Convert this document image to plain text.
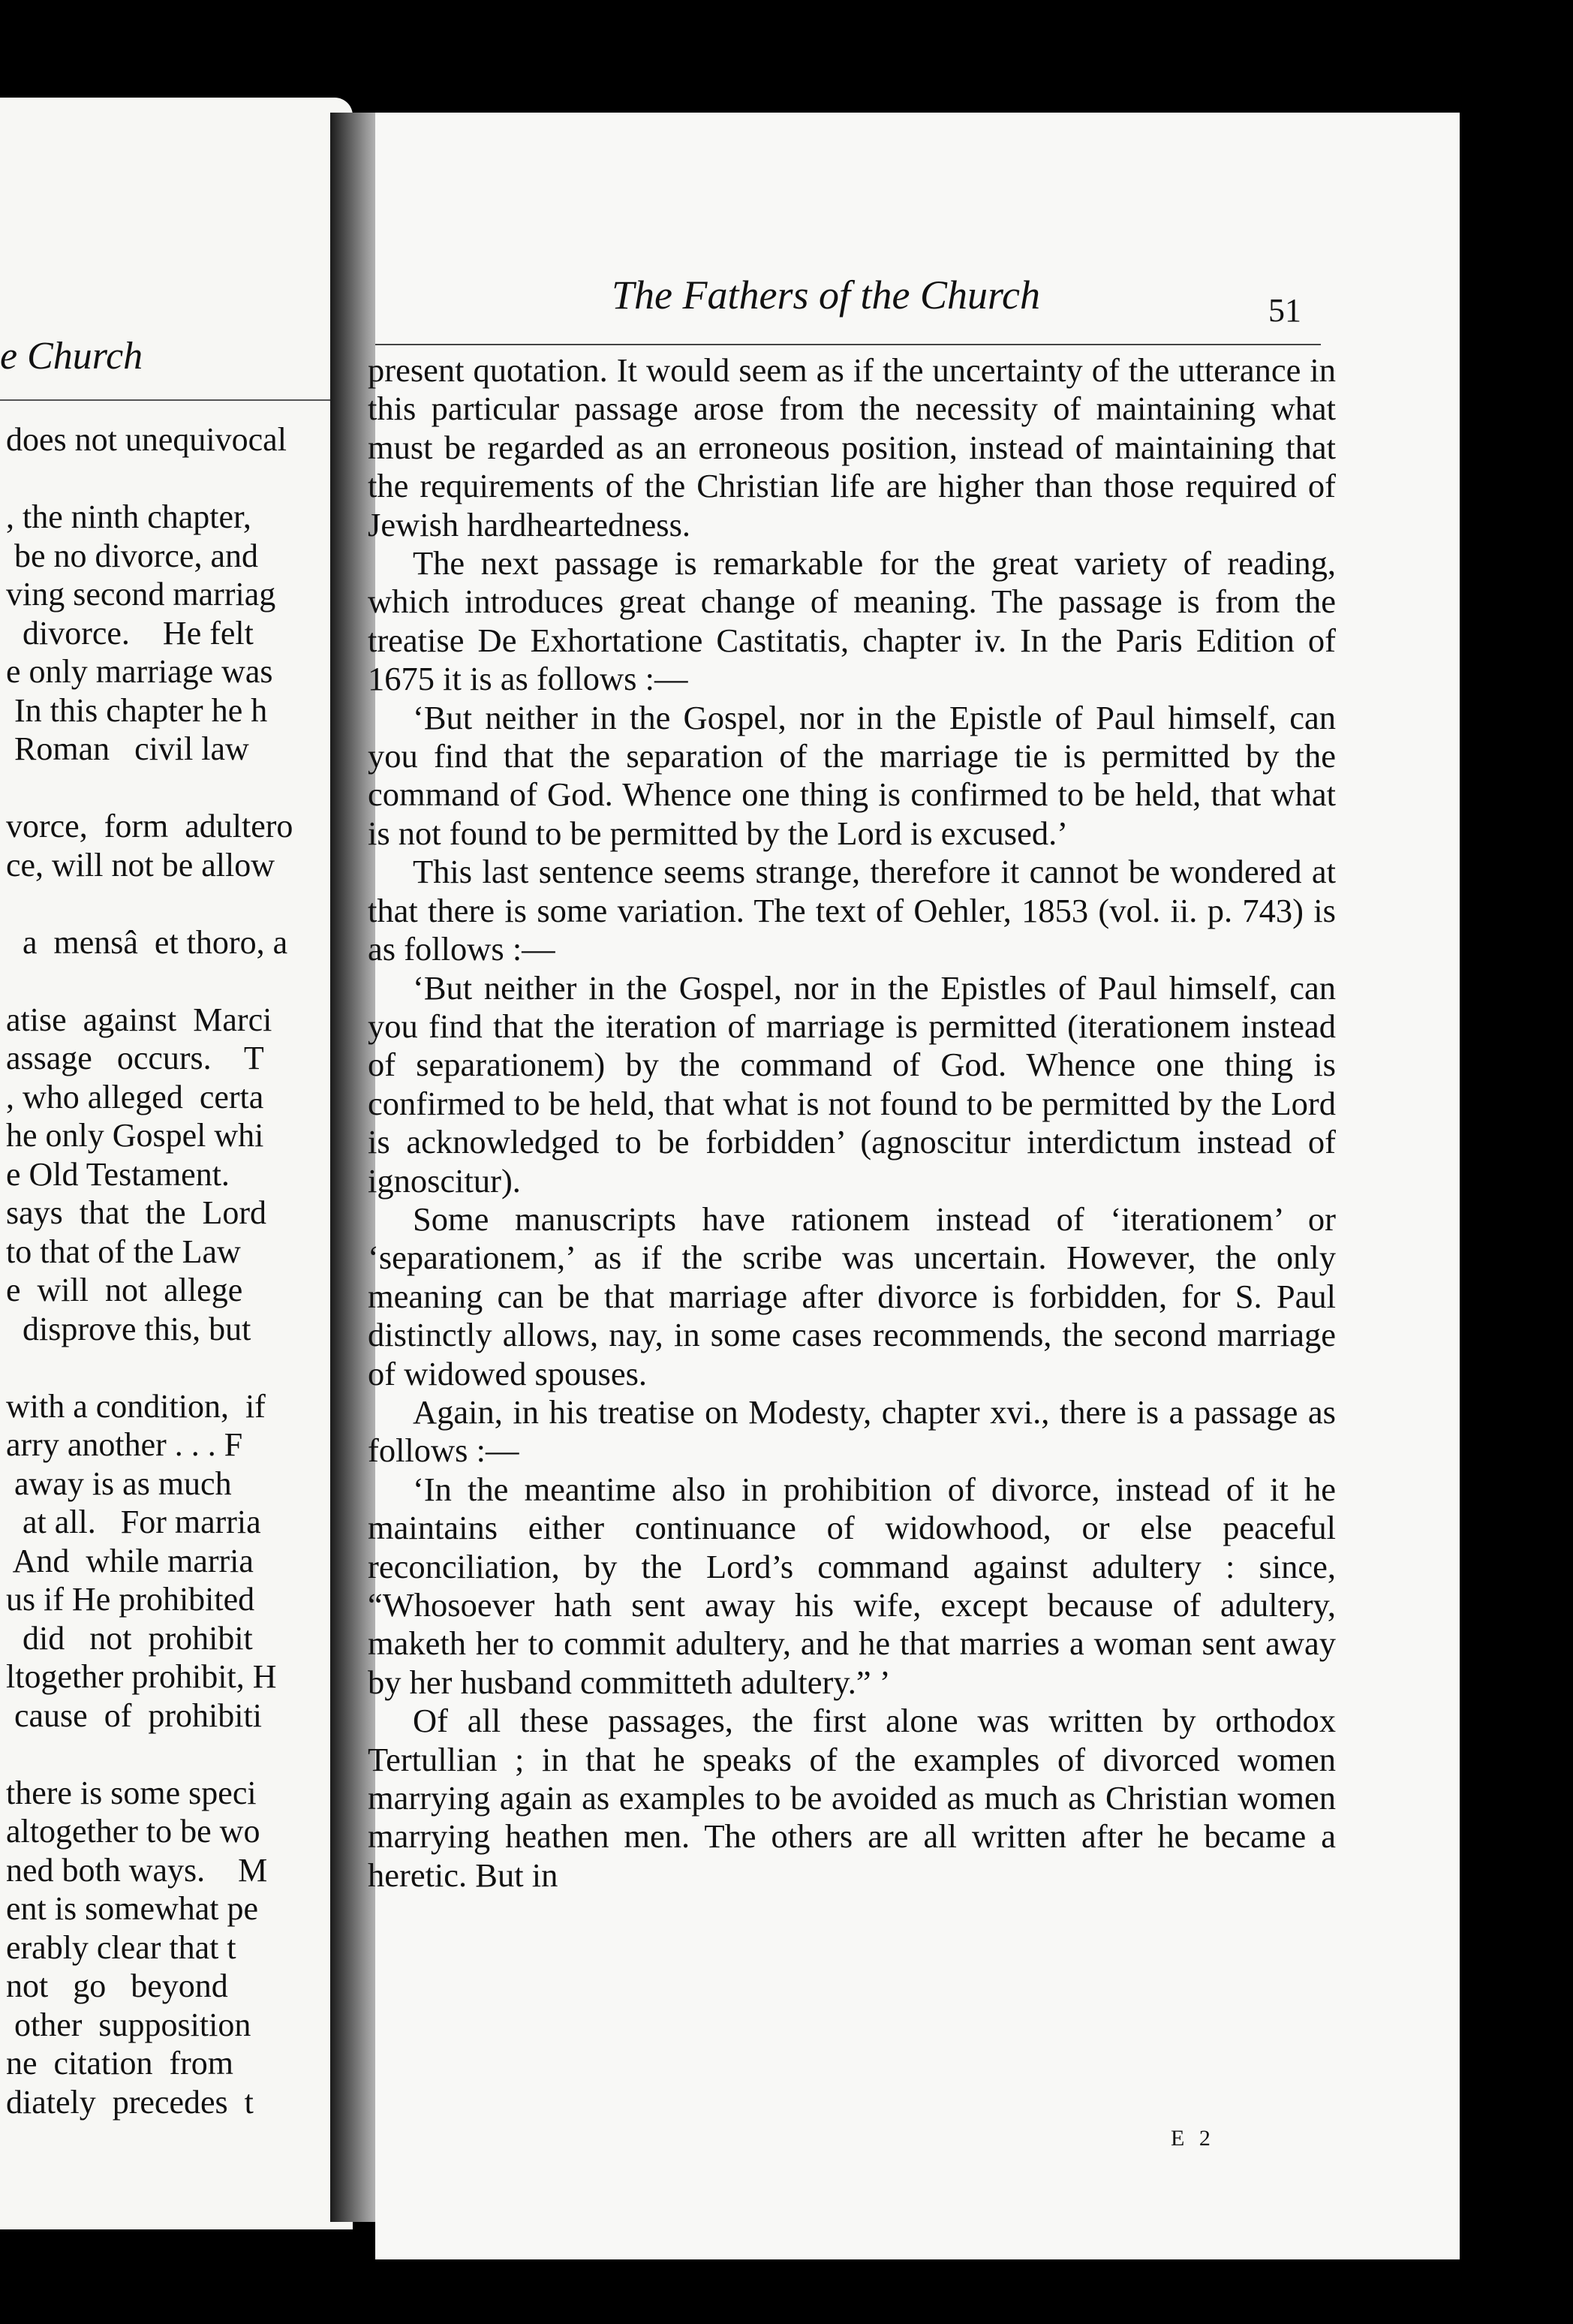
e Church
does not unequivocal
, the ninth chapter,
be no divorce, and
ving second marriag
divorce.    He felt
e only marriage was
In this chapter he h
Roman   civil law
vorce,  form  adultero
ce, will not be allow
a  mensâ  et thoro, a
atise  against  Marci
assage   occurs.    T
, who alleged  certa
he only Gospel whi
e Old Testament.
says  that  the  Lord
to that of the Law
e  will  not  allege
disprove this, but
with a condition,  if
arry another . . . F
away is as much
at all.   For marria
And  while marria
us if He prohibited
did   not  prohibit
ltogether prohibit, H
cause  of  prohibiti
there is some speci
altogether to be wo
ned both ways.    M
ent is somewhat pe
erably clear that t
not   go   beyond
other  supposition
ne  citation  from
diately  precedes  t
The Fathers of the Church	51

present quotation. It would seem as if the uncertainty of the utterance in this particular passage arose from the necessity of maintaining what must be regarded as an erroneous position, instead of maintaining that the requirements of the Christian life are higher than those required of Jewish hardheartedness.

The next passage is remarkable for the great variety of reading, which introduces great change of meaning. The passage is from the treatise De Exhortatione Castitatis, chapter iv. In the Paris Edition of 1675 it is as follows :—

‘But neither in the Gospel, nor in the Epistle of Paul himself, can you find that the separation of the marriage tie is permitted by the command of God. Whence one thing is confirmed to be held, that what is not found to be permitted by the Lord is excused.’

This last sentence seems strange, therefore it cannot be wondered at that there is some variation. The text of Oehler, 1853 (vol. ii. p. 743) is as follows :—

‘But neither in the Gospel, nor in the Epistles of Paul himself, can you find that the iteration of marriage is permitted (iterationem instead of separationem) by the command of God. Whence one thing is confirmed to be held, that what is not found to be permitted by the Lord is acknowledged to be forbidden’ (agnoscitur interdictum instead of ignoscitur).

Some manuscripts have rationem instead of ‘iterationem’ or ‘separationem,’ as if the scribe was uncertain. However, the only meaning can be that marriage after divorce is forbidden, for S. Paul distinctly allows, nay, in some cases recommends, the second marriage of widowed spouses.

Again, in his treatise on Modesty, chapter xvi., there is a passage as follows :—

‘In the meantime also in prohibition of divorce, instead of it he maintains either continuance of widowhood, or else peaceful reconciliation, by the Lord’s command against adultery : since, “Whosoever hath sent away his wife, except because of adultery, maketh her to commit adultery, and he that marries a woman sent away by her husband committeth adultery.” ’

Of all these passages, the first alone was written by orthodox Tertullian ; in that he speaks of the examples of divorced women marrying again as examples to be avoided as much as Christian women marrying heathen men. The others are all written after he became a heretic. But in

E 2
